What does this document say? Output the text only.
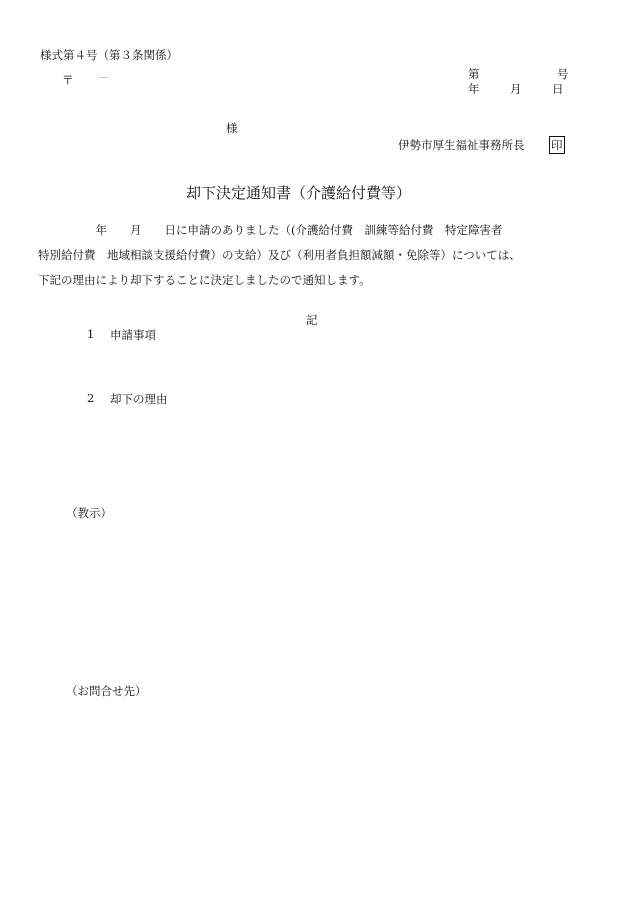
様式第４号（第３条関係）
〒 －	第	号
年	月	日
様
伊勢市厚生福祉事務所長 印
却下決定通知書（介護給付費等）
　　　　　年　　月　　日に申請のありました（(介護給付費　訓練等給付費　特定障害者
特別給付費　地域相談支援給付費）の支給）及び（利用者負担額減額・免除等）については、
下記の理由により却下することに決定しましたので通知します。
記
1 申請事項
2 却下の理由
（教示）
（お問合せ先）
